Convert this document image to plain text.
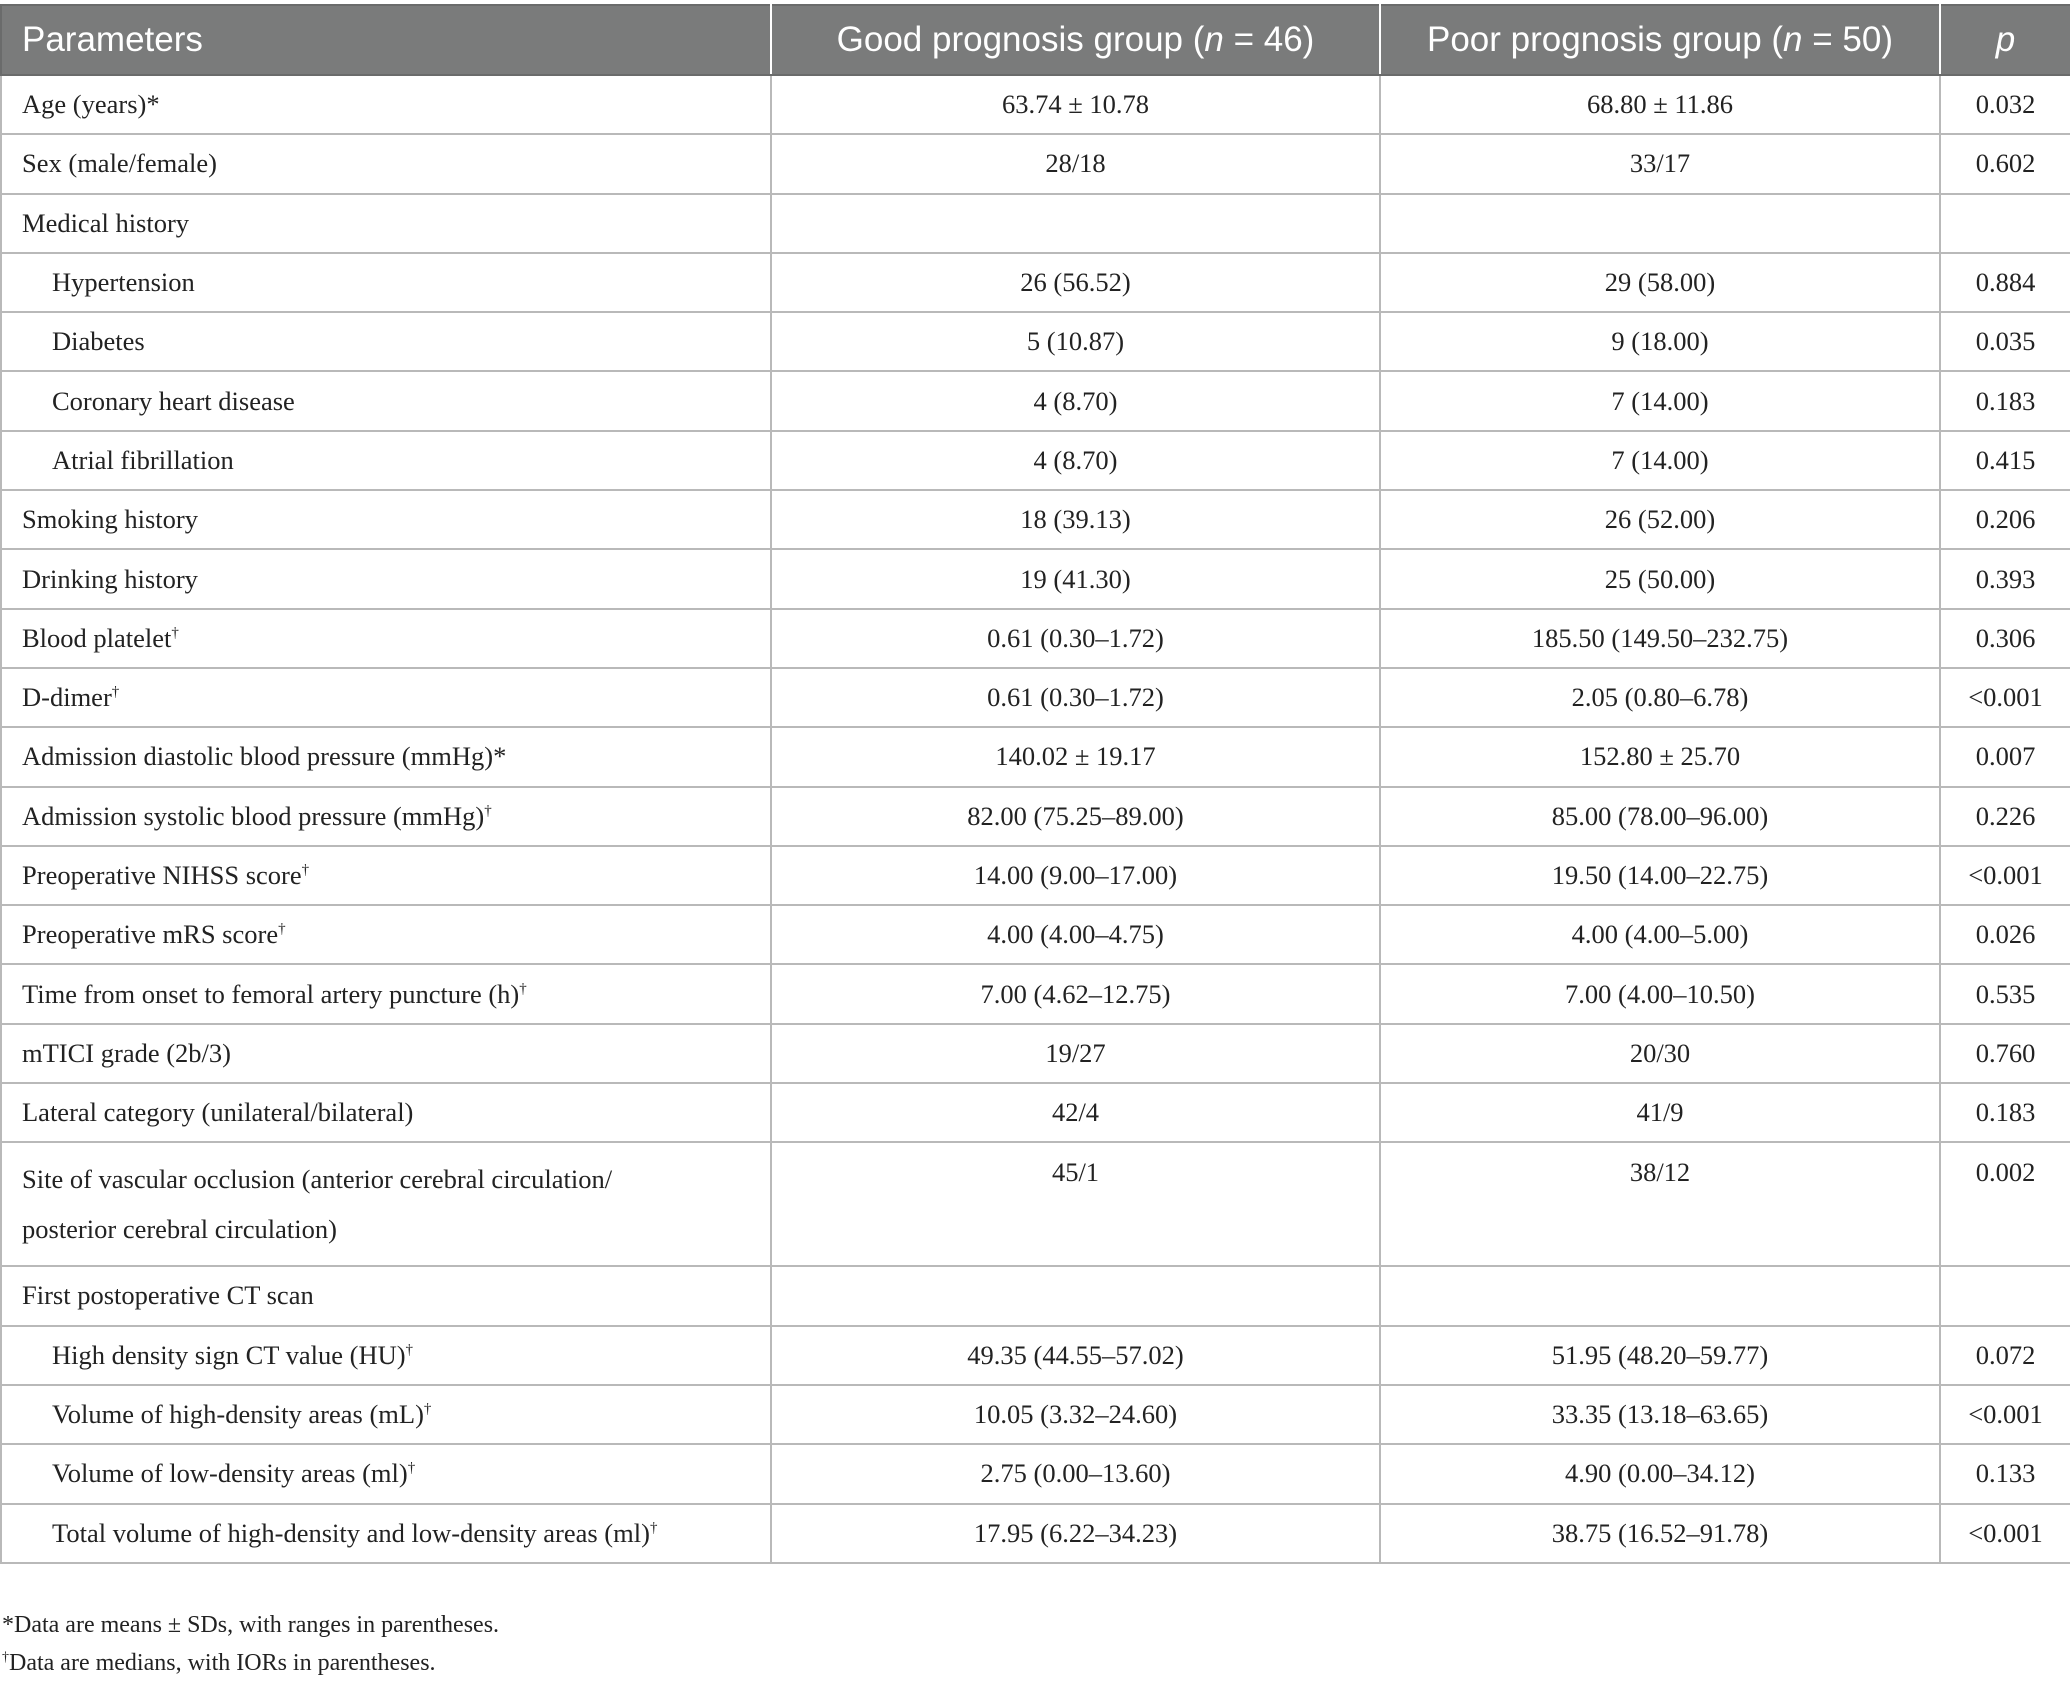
Parameters	Good prognosis group (n = 46)	Poor prognosis group (n = 50)	p
Age (years)*	63.74 ± 10.78	68.80 ± 11.86	0.032
Sex (male/female)	28/18	33/17	0.602
Medical history			
Hypertension	26 (56.52)	29 (58.00)	0.884
Diabetes	5 (10.87)	9 (18.00)	0.035
Coronary heart disease	4 (8.70)	7 (14.00)	0.183
Atrial fibrillation	4 (8.70)	7 (14.00)	0.415
Smoking history	18 (39.13)	26 (52.00)	0.206
Drinking history	19 (41.30)	25 (50.00)	0.393
Blood platelet†	0.61 (0.30–1.72)	185.50 (149.50–232.75)	0.306
D-dimer†	0.61 (0.30–1.72)	2.05 (0.80–6.78)	<0.001
Admission diastolic blood pressure (mmHg)*	140.02 ± 19.17	152.80 ± 25.70	0.007
Admission systolic blood pressure (mmHg)†	82.00 (75.25–89.00)	85.00 (78.00–96.00)	0.226
Preoperative NIHSS score†	14.00 (9.00–17.00)	19.50 (14.00–22.75)	<0.001
Preoperative mRS score†	4.00 (4.00–4.75)	4.00 (4.00–5.00)	0.026
Time from onset to femoral artery puncture (h)†	7.00 (4.62–12.75)	7.00 (4.00–10.50)	0.535
mTICI grade (2b/3)	19/27	20/30	0.760
Lateral category (unilateral/bilateral)	42/4	41/9	0.183
Site of vascular occlusion (anterior cerebral circulation/
posterior cerebral circulation)	45/1	38/12	0.002
First postoperative CT scan			
High density sign CT value (HU)†	49.35 (44.55–57.02)	51.95 (48.20–59.77)	0.072
Volume of high-density areas (mL)†	10.05 (3.32–24.60)	33.35 (13.18–63.65)	<0.001
Volume of low-density areas (ml)†	2.75 (0.00–13.60)	4.90 (0.00–34.12)	0.133
Total volume of high-density and low-density areas (ml)†	17.95 (6.22–34.23)	38.75 (16.52–91.78)	<0.001
*Data are means ± SDs, with ranges in parentheses.
†Data are medians, with IORs in parentheses.
